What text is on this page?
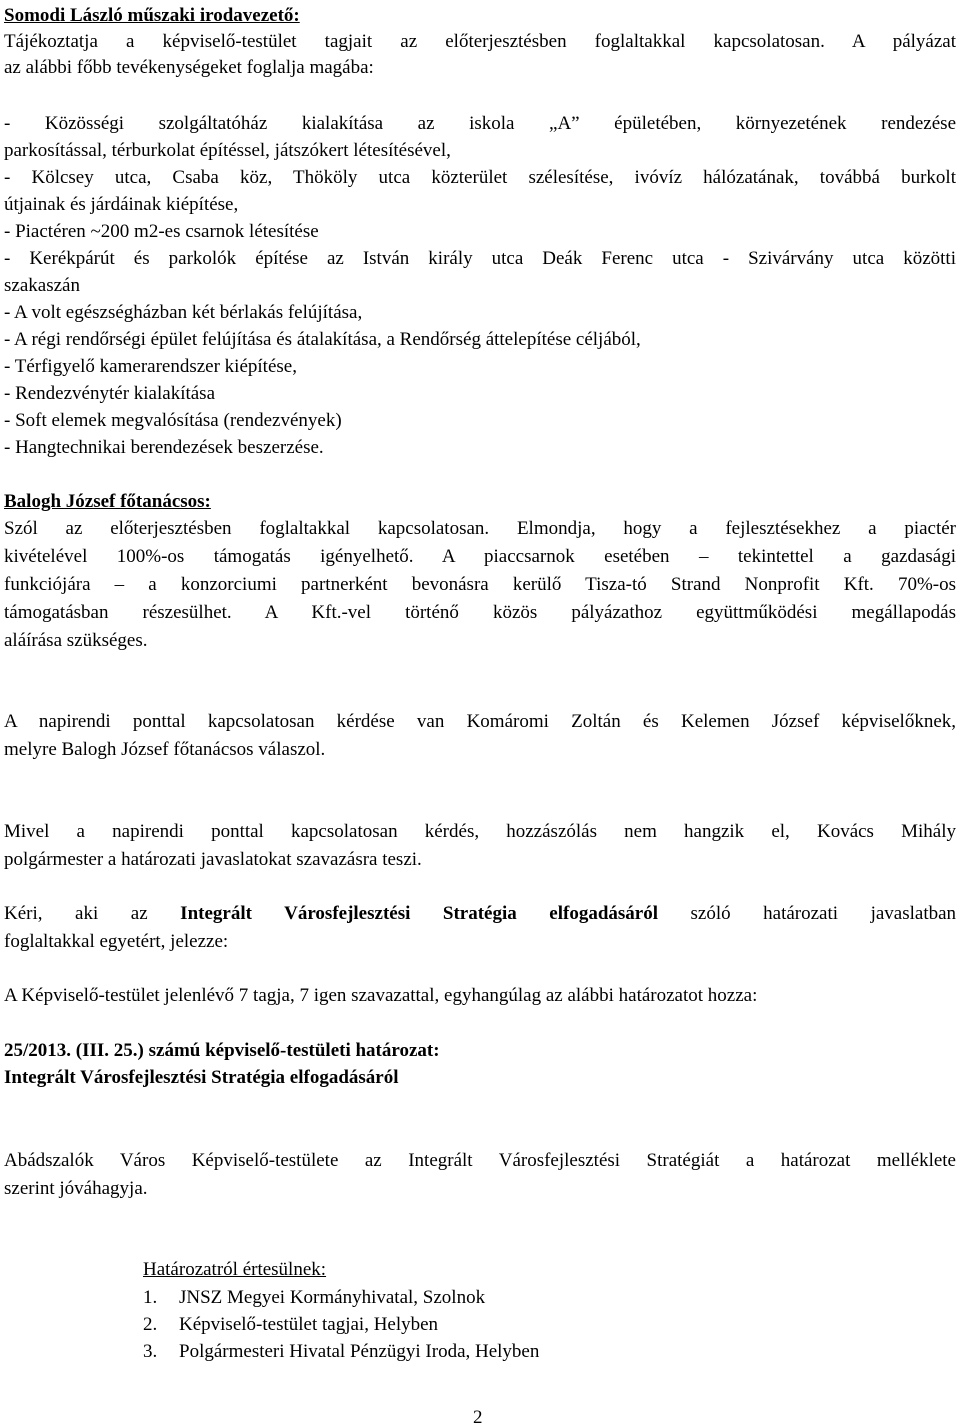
Somodi László műszaki irodavezető:
Tájékoztatja a képviselő-testület tagjait az előterjesztésben foglaltakkal kapcsolatosan. A pályázat
az alábbi főbb tevékenységeket foglalja magába:
- Közösségi szolgáltatóház kialakítása az iskola „A” épületében, környezetének rendezése
parkosítással, térburkolat építéssel, játszókert létesítésével,
- Kölcsey utca, Csaba köz, Thököly utca közterület szélesítése, ivóvíz hálózatának, továbbá burkolt
útjainak és járdáinak kiépítése,
- Piactéren ~200 m2-es csarnok létesítése
- Kerékpárút és parkolók építése az István király utca Deák Ferenc utca - Szivárvány utca közötti
szakaszán
- A volt egészségházban két bérlakás felújítása,
- A régi rendőrségi épület felújítása és átalakítása, a Rendőrség áttelepítése céljából,
- Térfigyelő kamerarendszer kiépítése,
- Rendezvénytér kialakítása
- Soft elemek megvalósítása (rendezvények)
- Hangtechnikai berendezések beszerzése.
Balogh József főtanácsos:
Szól az előterjesztésben foglaltakkal kapcsolatosan. Elmondja, hogy a fejlesztésekhez a piactér
kivételével 100%-os támogatás igényelhető. A piaccsarnok esetében – tekintettel a gazdasági
funkciójára – a konzorciumi partnerként bevonásra kerülő Tisza-tó Strand Nonprofit Kft. 70%-os
támogatásban részesülhet. A Kft.-vel történő közös pályázathoz együttműködési megállapodás
aláírása szükséges.
A napirendi ponttal kapcsolatosan kérdése van Komáromi Zoltán és Kelemen József képviselőknek,
melyre Balogh József főtanácsos válaszol.
Mivel a napirendi ponttal kapcsolatosan kérdés, hozzászólás nem hangzik el, Kovács Mihály
polgármester a határozati javaslatokat szavazásra teszi.
Kéri, aki az Integrált Városfejlesztési Stratégia elfogadásáról szóló határozati javaslatban
foglaltakkal egyetért, jelezze:
A Képviselő-testület jelenlévő 7 tagja, 7 igen szavazattal, egyhangúlag az alábbi határozatot hozza:
25/2013. (III. 25.) számú képviselő-testületi határozat:
Integrált Városfejlesztési Stratégia elfogadásáról
Abádszalók Város Képviselő-testülete az Integrált Városfejlesztési Stratégiát a határozat melléklete
szerint jóváhagyja.
Határozatról értesülnek:
1. JNSZ Megyei Kormányhivatal, Szolnok
2. Képviselő-testület tagjai, Helyben
3. Polgármesteri Hivatal Pénzügyi Iroda, Helyben
2
